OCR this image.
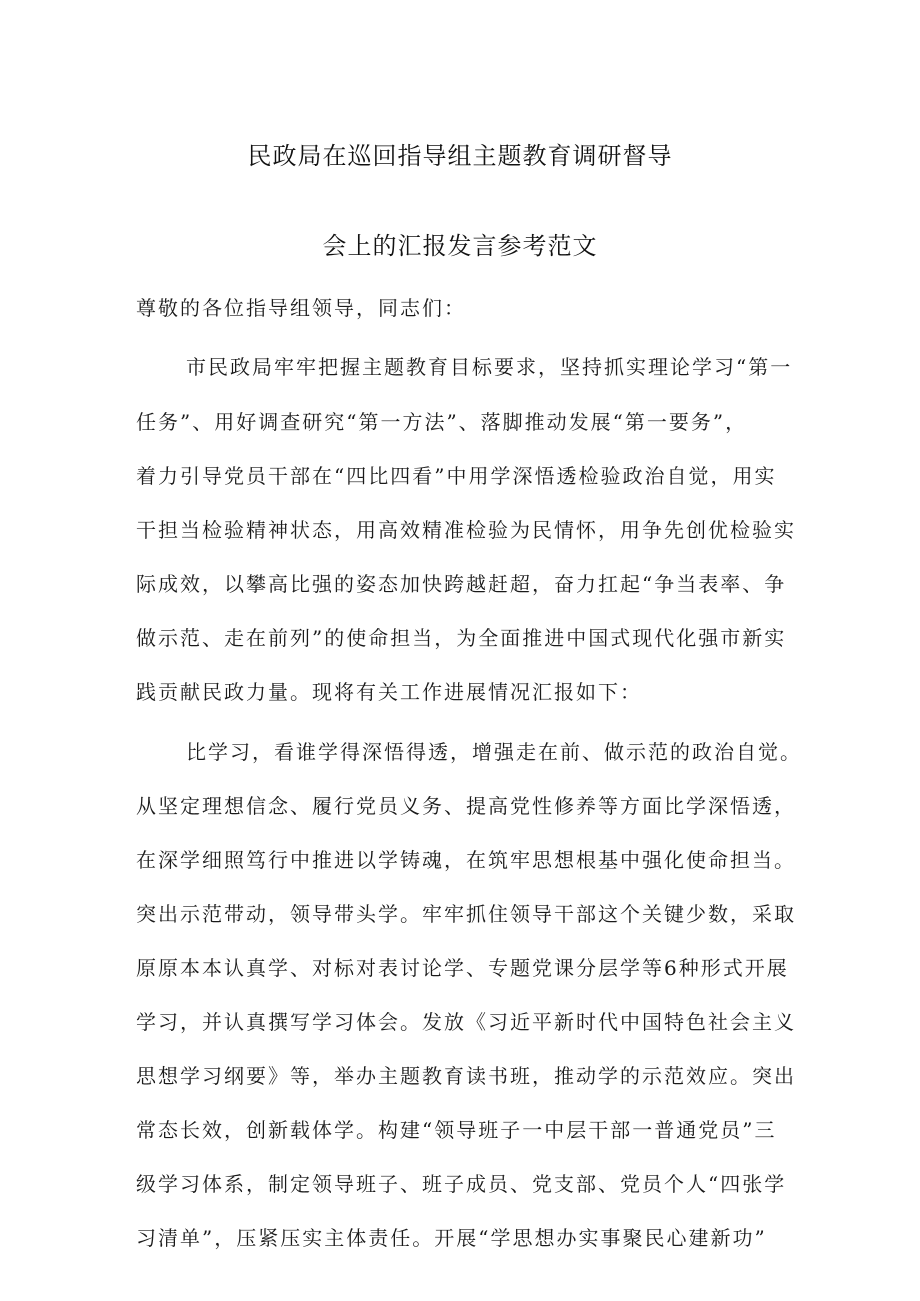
民政局在巡回指导组主题教育调研督导
会上的汇报发言参考范文
尊敬的各位指导组领导，同志们：
市民政局牢牢把握主题教育目标要求，坚持抓实理论学习“第一
任务”、用好调查研究“第一方法”、落脚推动发展“第一要务”，
着力引导党员干部在“四比四看”中用学深悟透检验政治自觉，用实
干担当检验精神状态，用高效精准检验为民情怀，用争先创优检验实
际成效，以攀高比强的姿态加快跨越赶超，奋力扛起“争当表率、争
做示范、走在前列”的使命担当，为全面推进中国式现代化强市新实
践贡献民政力量。现将有关工作进展情况汇报如下：
比学习，看谁学得深悟得透，增强走在前、做示范的政治自觉。
从坚定理想信念、履行党员义务、提高党性修养等方面比学深悟透，
在深学细照笃行中推进以学铸魂，在筑牢思想根基中强化使命担当。
突出示范带动，领导带头学。牢牢抓住领导干部这个关键少数，采取
原原本本认真学、对标对表讨论学、专题党课分层学等6种形式开展
学习，并认真撰写学习体会。发放《习近平新时代中国特色社会主义
思想学习纲要》等，举办主题教育读书班，推动学的示范效应。突出
常态长效，创新载体学。构建“领导班子一中层干部一普通党员”三
级学习体系，制定领导班子、班子成员、党支部、党员个人“四张学
习清单”，压紧压实主体责任。开展“学思想办实事聚民心建新功”
